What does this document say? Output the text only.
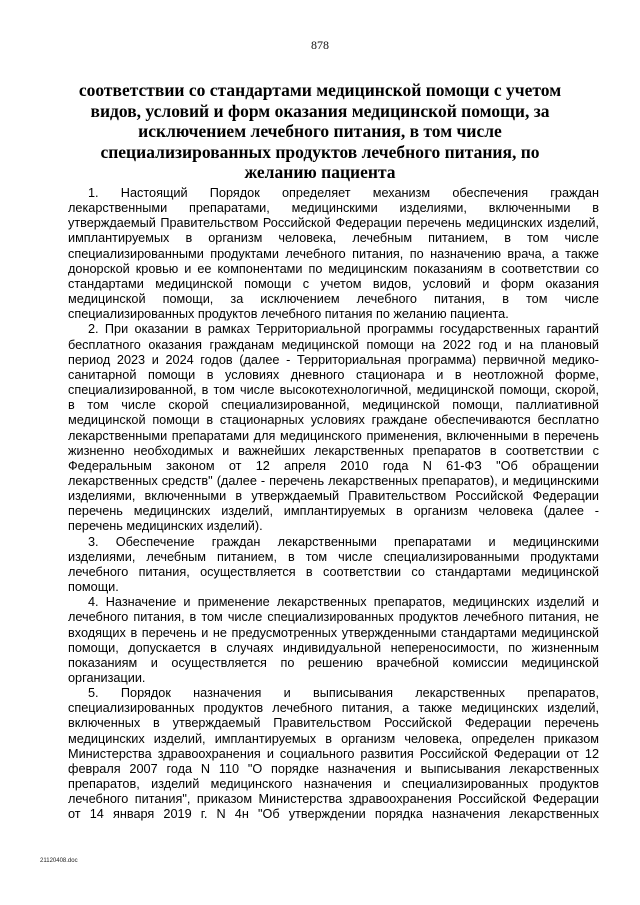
878
соответствии со стандартами медицинской помощи с учетом
видов, условий и форм оказания медицинской помощи, за
исключением лечебного питания, в том числе
специализированных продуктов лечебного питания, по
желанию пациента

1. Настоящий Порядок определяет механизм обеспечения граждан
лекарственными препаратами, медицинскими изделиями, включенными в
утверждаемый Правительством Российской Федерации перечень медицинских изделий,
имплантируемых в организм человека, лечебным питанием, в том числе
специализированными продуктами лечебного питания, по назначению врача, а также
донорской кровью и ее компонентами по медицинским показаниям в соответствии со
стандартами медицинской помощи с учетом видов, условий и форм оказания
медицинской помощи, за исключением лечебного питания, в том числе
специализированных продуктов лечебного питания по желанию пациента.

2. При оказании в рамках Территориальной программы государственных гарантий
бесплатного оказания гражданам медицинской помощи на 2022 год и на плановый
период 2023 и 2024 годов (далее - Территориальная программа) первичной медико-
санитарной помощи в условиях дневного стационара и в неотложной форме,
специализированной, в том числе высокотехнологичной, медицинской помощи, скорой,
в том числе скорой специализированной, медицинской помощи, паллиативной
медицинской помощи в стационарных условиях граждане обеспечиваются бесплатно
лекарственными препаратами для медицинского применения, включенными в перечень
жизненно необходимых и важнейших лекарственных препаратов в соответствии с
Федеральным законом от 12 апреля 2010 года N 61-ФЗ "Об обращении
лекарственных средств" (далее - перечень лекарственных препаратов), и медицинскими
изделиями, включенными в утверждаемый Правительством Российской Федерации
перечень медицинских изделий, имплантируемых в организм человека (далее -
перечень медицинских изделий).

3. Обеспечение граждан лекарственными препаратами и медицинскими
изделиями, лечебным питанием, в том числе специализированными продуктами
лечебного питания, осуществляется в соответствии со стандартами медицинской
помощи.

4. Назначение и применение лекарственных препаратов, медицинских изделий и
лечебного питания, в том числе специализированных продуктов лечебного питания, не
входящих в перечень и не предусмотренных утвержденными стандартами медицинской
помощи, допускается в случаях индивидуальной непереносимости, по жизненным
показаниям и осуществляется по решению врачебной комиссии медицинской
организации.

5. Порядок назначения и выписывания лекарственных препаратов,
специализированных продуктов лечебного питания, а также медицинских изделий,
включенных в утверждаемый Правительством Российской Федерации перечень
медицинских изделий, имплантируемых в организм человека, определен приказом
Министерства здравоохранения и социального развития Российской Федерации от 12
февраля 2007 года N 110 "О порядке назначения и выписывания лекарственных
препаратов, изделий медицинского назначения и специализированных продуктов
лечебного питания", приказом Министерства здравоохранения Российской Федерации
от 14 января 2019 г. N 4н "Об утверждении порядка назначения лекарственных

21120408.doc
